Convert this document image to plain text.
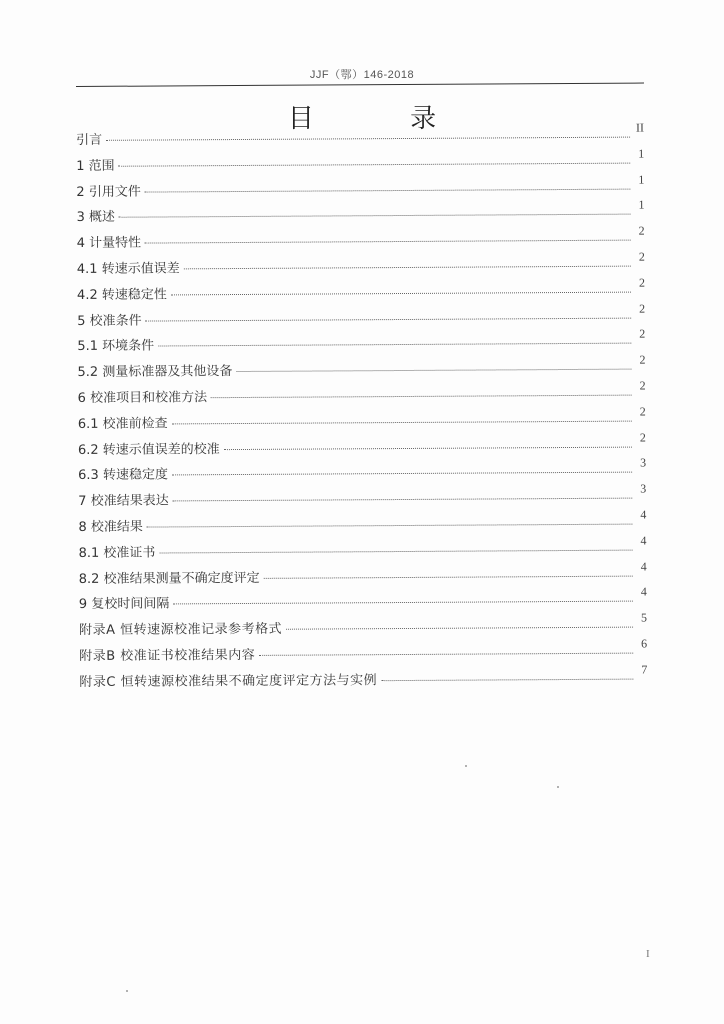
JJF（鄂）146-2018
目 录
引言
II
1 范围
1
2 引用文件
1
3 概述
1
4 计量特性
2
4.1 转速示值误差
2
4.2 转速稳定性
2
5 校准条件
2
5.1 环境条件
2
5.2 测量标准器及其他设备
2
6 校准项目和校准方法
2
6.1 校准前检查
2
6.2 转速示值误差的校准
2
6.3 转速稳定度
3
7 校准结果表达
3
8 校准结果
4
8.1 校准证书
4
8.2 校准结果测量不确定度评定
4
9 复校时间间隔
4
附录A 恒转速源校准记录参考格式
5
附录B 校准证书校准结果内容
6
附录C 恒转速源校准结果不确定度评定方法与实例
7
I
